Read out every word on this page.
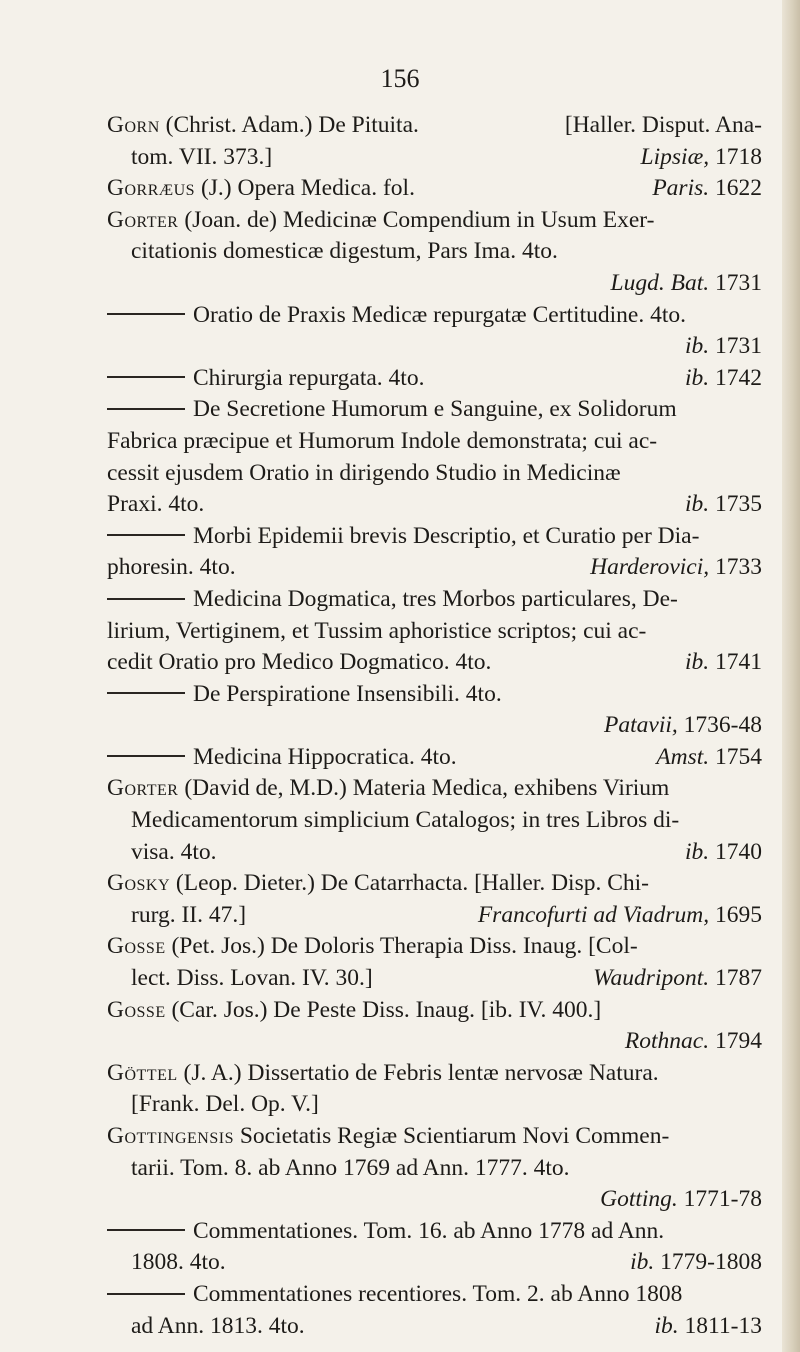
156
Gorn (Christ. Adam.) De Pituita.	[Haller. Disput. Ana-
tom. VII. 373.]	Lipsiæ, 1718
Gorræus (J.) Opera Medica. fol.	Paris. 1622
Gorter (Joan. de) Medicinæ Compendium in Usum Exer-
citationis domesticæ digestum, Pars Ima. 4to.
Lugd. Bat. 1731
Oratio de Praxis Medicæ repurgatæ Certitudine. 4to.
ib. 1731
Chirurgia repurgata. 4to.	ib. 1742
De Secretione Humorum e Sanguine, ex Solidorum
Fabrica præcipue et Humorum Indole demonstrata; cui ac-
cessit ejusdem Oratio in dirigendo Studio in Medicinæ
Praxi. 4to.	ib. 1735
Morbi Epidemii brevis Descriptio, et Curatio per Dia-
phoresin. 4to.	Harderovici, 1733
Medicina Dogmatica, tres Morbos particulares, De-
lirium, Vertiginem, et Tussim aphoristice scriptos; cui ac-
cedit Oratio pro Medico Dogmatico. 4to.	ib. 1741
De Perspiratione Insensibili. 4to.
Patavii, 1736-48
Medicina Hippocratica. 4to.	Amst. 1754
Gorter (David de, M.D.) Materia Medica, exhibens Virium
Medicamentorum simplicium Catalogos; in tres Libros di-
visa. 4to.	ib. 1740
Gosky (Leop. Dieter.) De Catarrhacta. [Haller. Disp. Chi-
rurg. II. 47.]	Francofurti ad Viadrum, 1695
Gosse (Pet. Jos.) De Doloris Therapia Diss. Inaug. [Col-
lect. Diss. Lovan. IV. 30.]	Waudripont. 1787
Gosse (Car. Jos.) De Peste Diss. Inaug. [ib. IV. 400.]
Rothnac. 1794
Göttel (J. A.) Dissertatio de Febris lentæ nervosæ Natura.
[Frank. Del. Op. V.]
Gottingensis Societatis Regiæ Scientiarum Novi Commen-
tarii. Tom. 8. ab Anno 1769 ad Ann. 1777. 4to.
Gotting. 1771-78
Commentationes. Tom. 16. ab Anno 1778 ad Ann.
1808. 4to.	ib. 1779-1808
Commentationes recentiores. Tom. 2. ab Anno 1808
ad Ann. 1813. 4to.	ib. 1811-13
